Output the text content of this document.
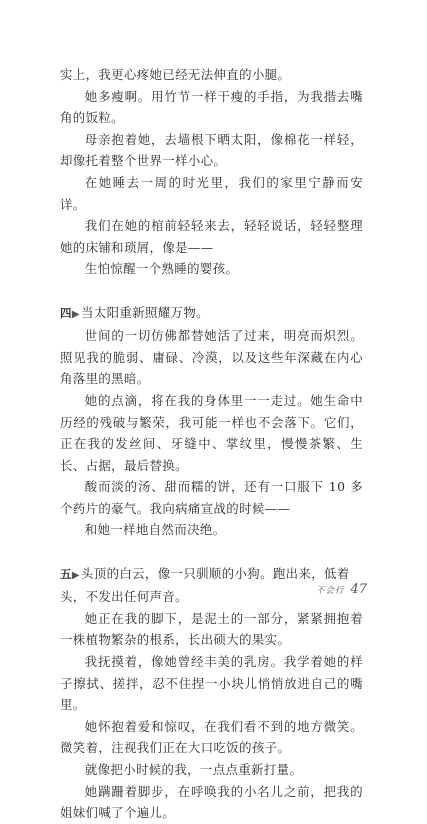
实上，我更心疼她已经无法伸直的小腿。

她多瘦啊。用竹节一样干瘦的手指，为我揩去嘴角的饭粒。

母亲抱着她，去墙根下晒太阳，像棉花一样轻，却像托着整个世界一样小心。

在她睡去一周的时光里，我们的家里宁静而安详。

我们在她的棺前轻轻来去，轻轻说话，轻轻整理她的床铺和琐屑，像是——

生怕惊醒一个熟睡的婴孩。

四▶当太阳重新照耀万物。

世间的一切仿佛都替她活了过来，明亮而炽烈。照见我的脆弱、庸碌、冷漠，以及这些年深藏在内心角落里的黑暗。

她的点滴，将在我的身体里一一走过。她生命中历经的残破与繁荣，我可能一样也不会落下。它们，正在我的发丝间、牙缝中、掌纹里，慢慢茶繁、生长、占据，最后替换。

酸而淡的汤、甜而糯的饼，还有一口服下 10 多个药片的豪气。我向病痛宣战的时候——

和她一样地自然而决绝。

五▶头顶的白云，像一只驯顺的小狗。跑出来，低着头，不发出任何声音。

她正在我的脚下，是泥土的一部分，紧紧拥抱着一株植物繁杂的根系，长出硕大的果实。

我抚摸着，像她曾经丰美的乳房。我学着她的样子擦拭、搓拌，忍不住捏一小块儿悄悄放进自己的嘴里。

她怀抱着爱和惊叹，在我们看不到的地方微笑。微笑着，注视我们正在大口吃饭的孩子。

就像把小时候的我，一点点重新打量。

她蹒跚着脚步，在呼唤我的小名儿之前，把我的姐妹们喊了个遍儿。

不会行 47
